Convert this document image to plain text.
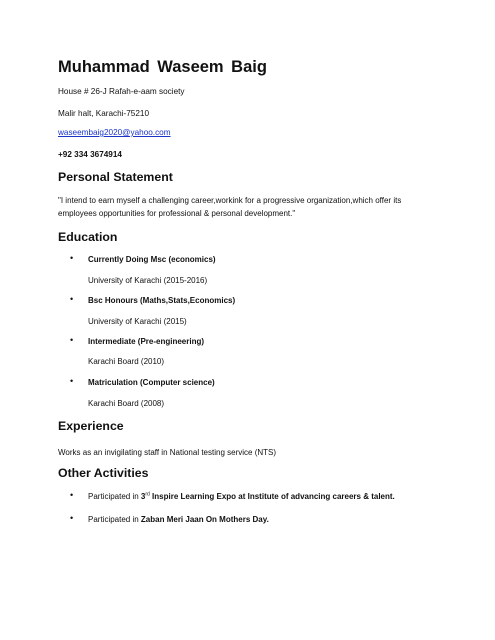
Muhammad Waseem Baig

House # 26-J Rafah-e-aam society

Malir halt, Karachi-75210

waseembaig2020@yahoo.com

+92 334 3674914

Personal Statement

"I intend to earn myself a challenging career,workink for a progressive organization,which offer its employees opportunities for professional & personal development."

Education
• Currently Doing Msc (economics)

University of Karachi (2015-2016)

• Bsc Honours (Maths,Stats,Economics)

University of Karachi (2015)

• Intermediate (Pre-engineering)

Karachi Board (2010)

• Matriculation (Computer science)

Karachi Board (2008)

Experience

Works as an invigilating staff in National testing service (NTS)

Other Activities
• Participated in 3rd Inspire Learning Expo at Institute of advancing careers & talent.

• Participated in Zaban Meri Jaan On Mothers Day.
